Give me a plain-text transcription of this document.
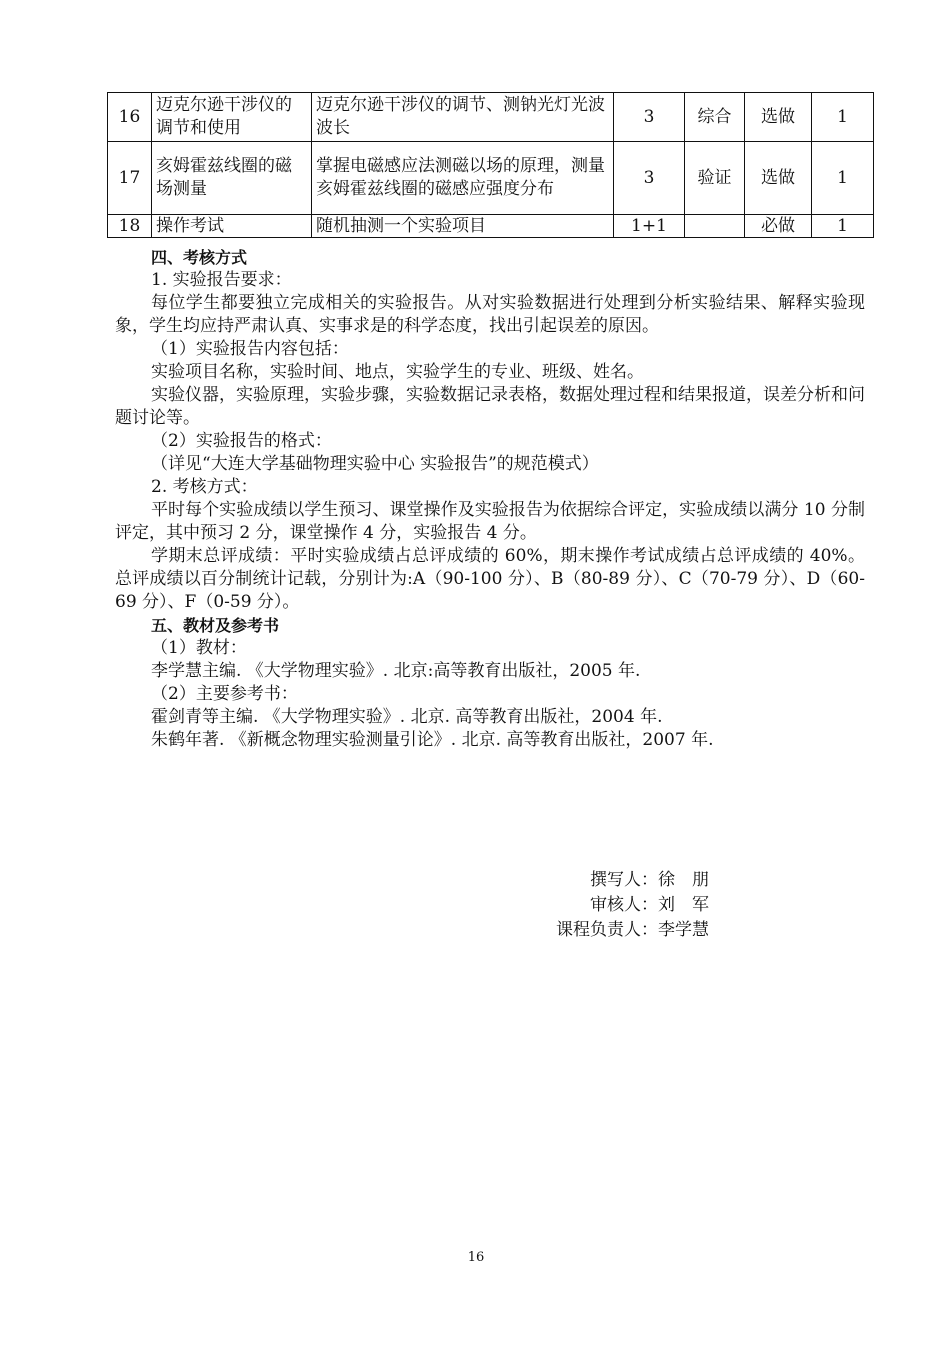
16	迈克尔逊干涉仪的调节和使用	迈克尔逊干涉仪的调节、测钠光灯光波波长	3	综合	选做	1
17	亥姆霍兹线圈的磁场测量	掌握电磁感应法测磁以场的原理，测量亥姆霍兹线圈的磁感应强度分布	3	验证	选做	1
18	操作考试	随机抽测一个实验项目	1+1		必做	1

四、考核方式

1. 实验报告要求：

每位学生都要独立完成相关的实验报告。从对实验数据进行处理到分析实验结果、解释实验现象，学生均应持严肃认真、实事求是的科学态度，找出引起误差的原因。

（1）实验报告内容包括：

实验项目名称，实验时间、地点，实验学生的专业、班级、姓名。

实验仪器，实验原理，实验步骤，实验数据记录表格，数据处理过程和结果报道，误差分析和问题讨论等。

（2）实验报告的格式：

（详见“大连大学基础物理实验中心 实验报告”的规范模式）

2. 考核方式：

平时每个实验成绩以学生预习、课堂操作及实验报告为依据综合评定，实验成绩以满分 10 分制评定，其中预习 2 分，课堂操作 4 分，实验报告 4 分。

学期末总评成绩：平时实验成绩占总评成绩的 60%，期末操作考试成绩占总评成绩的 40%。总评成绩以百分制统计记载，分别计为:A（90-100 分）、B（80-89 分）、C（70-79 分）、D（60-69 分）、F（0-59 分）。

五、教材及参考书

（1）教材：

李学慧主编. 《大学物理实验》. 北京:高等教育出版社，2005 年.

（2）主要参考书：

霍剑青等主编. 《大学物理实验》. 北京. 高等教育出版社，2004 年.

朱鹤年著. 《新概念物理实验测量引论》. 北京. 高等教育出版社，2007 年.

撰写人： 徐　朋
审核人： 刘　军
课程负责人： 李学慧
16
